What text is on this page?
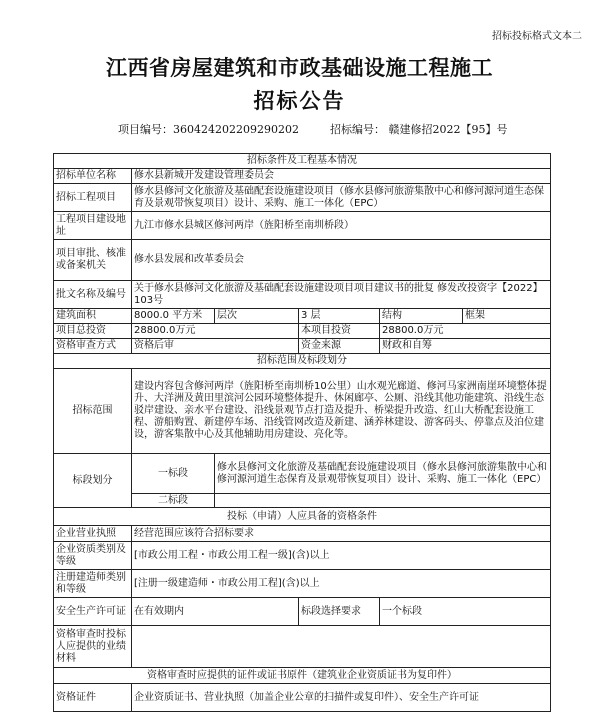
招标投标格式文本二
江西省房屋建筑和市政基础设施工程施工
招标公告
项目编号：360424202209290202	招标编号： 赣建修招2022【95】号
招标条件及工程基本情况					
招标单位名称	修水县新城开发建设管理委员会				
招标工程项目	修水县修河文化旅游及基础配套设施建设项目（修水县修河旅游集散中心和修河源河道生态保育及景观带恢复项目）设计、采购、施工一体化（EPC）				
工程项目建设地址	九江市修水县城区修河两岸（旌阳桥至南圳桥段）				
项目审批、核准或备案机关	修水县发展和改革委员会				
批文名称及编号	关于修水县修河文化旅游及基础配套设施建设项目项目建议书的批复 修发改投资字【2022】103号				
建筑面积	8000.0 平方米	层次	3 层	结构	框架
项目总投资	28800.0万元		本项目投资	28800.0万元	
资格审查方式	资格后审		资金来源	财政和自筹	
招标范围及标段划分					
招标范围	建设内容包含修河两岸（旌阳桥至南圳桥10公里）山水观光廊道、修河马家洲南崖环境整体提升、大洋洲及黄田里滨河公园环境整体提升、休闲廊亭、公厕、沿线其他功能建筑、沿线生态驳岸建设、亲水平台建设、沿线景观节点打造及提升、桥梁提升改造、红山大桥配套设施工程、游船购置、新建停车场、沿线管网改造及新建、涵养林建设、游客码头、停靠点及泊位建设，游客集散中心及其他辅助用房建设、亮化等。				
标段划分	一标段	修水县修河文化旅游及基础配套设施建设项目（修水县修河旅游集散中心和修河源河道生态保育及景观带恢复项目）设计、采购、施工一体化（EPC）			
	二标段				
投标（申请）人应具备的资格条件					
企业营业执照	经营范围应该符合招标要求				
企业资质类别及等级	[市政公用工程・市政公用工程一级](含)以上				
注册建造师类别和等级	[注册一级建造师・市政公用工程](含)以上				
安全生产许可证	在有效期内		标段选择要求	一个标段	
资格审查时投标人应提供的业绩材料					
资格审查时应提供的证件或证书原件（建筑业企业资质证书为复印件）					
资格证件	企业资质证书、营业执照（加盖企业公章的扫描件或复印件）、安全生产许可证				
